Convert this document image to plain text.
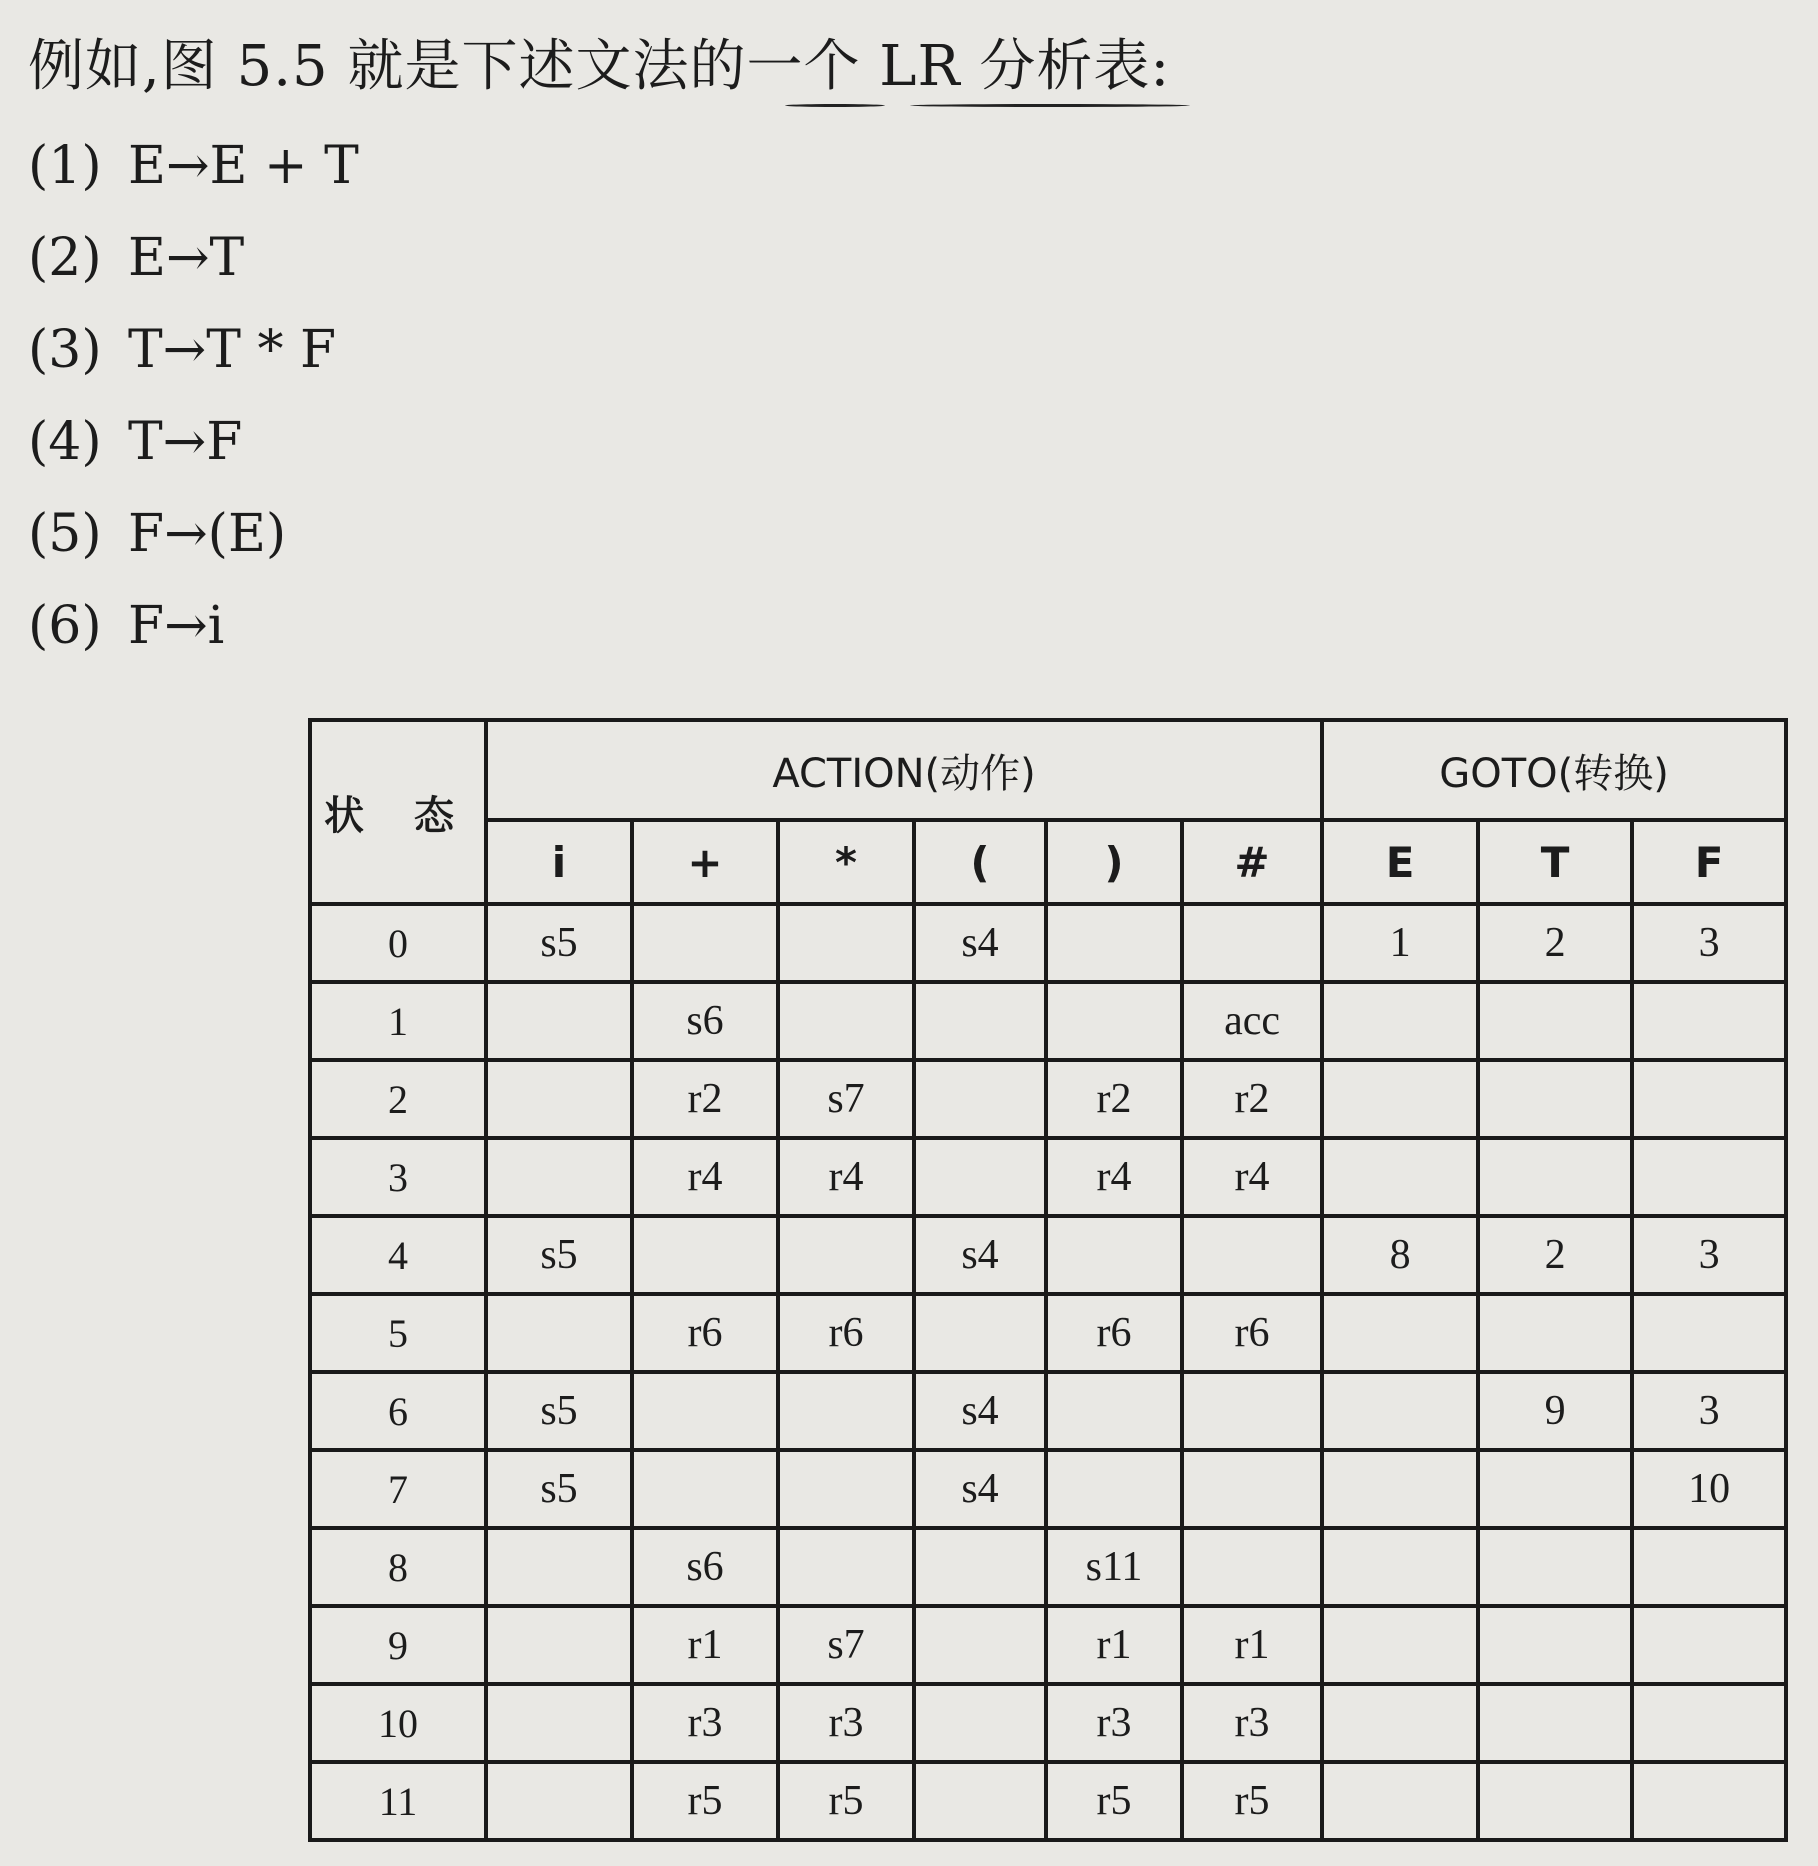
例如,图 5.5 就是下述文法的一个 LR 分析表:
(1) E→E + T
(2) E→T
(3) T→T * F
(4) T→F
(5) F→(E)
(6) F→i
状 态	ACTION(动作)						GOTO(转换)		
	i	+	*	(	)	#	E	T	F
0	s5			s4			1	2	3
1		s6				acc			
2		r2	s7		r2	r2			
3		r4	r4		r4	r4			
4	s5			s4			8	2	3
5		r6	r6		r6	r6			
6	s5			s4				9	3
7	s5			s4					10
8		s6			s11				
9		r1	s7		r1	r1			
10		r3	r3		r3	r3			
11		r5	r5		r5	r5			
